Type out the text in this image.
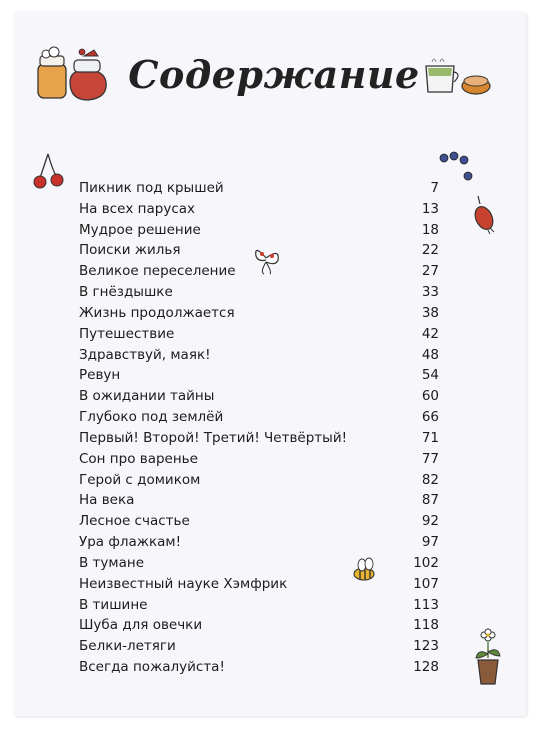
Содержание
Пикник под крышей	7
На всех парусах	13
Мудрое решение	18
Поиски жилья	22
Великое переселение	27
В гнёздышке	33
Жизнь продолжается	38
Путешествие	42
Здравствуй, маяк!	48
Ревун	54
В ожидании тайны	60
Глубоко под землёй	66
Первый! Второй! Третий! Четвёртый!	71
Сон про варенье	77
Герой с домиком	82
На века	87
Лесное счастье	92
Ура флажкам!	97
В тумане	102
Неизвестный науке Хэмфрик	107
В тишине	113
Шуба для овечки	118
Белки-летяги	123
Всегда пожалуйста!	128
